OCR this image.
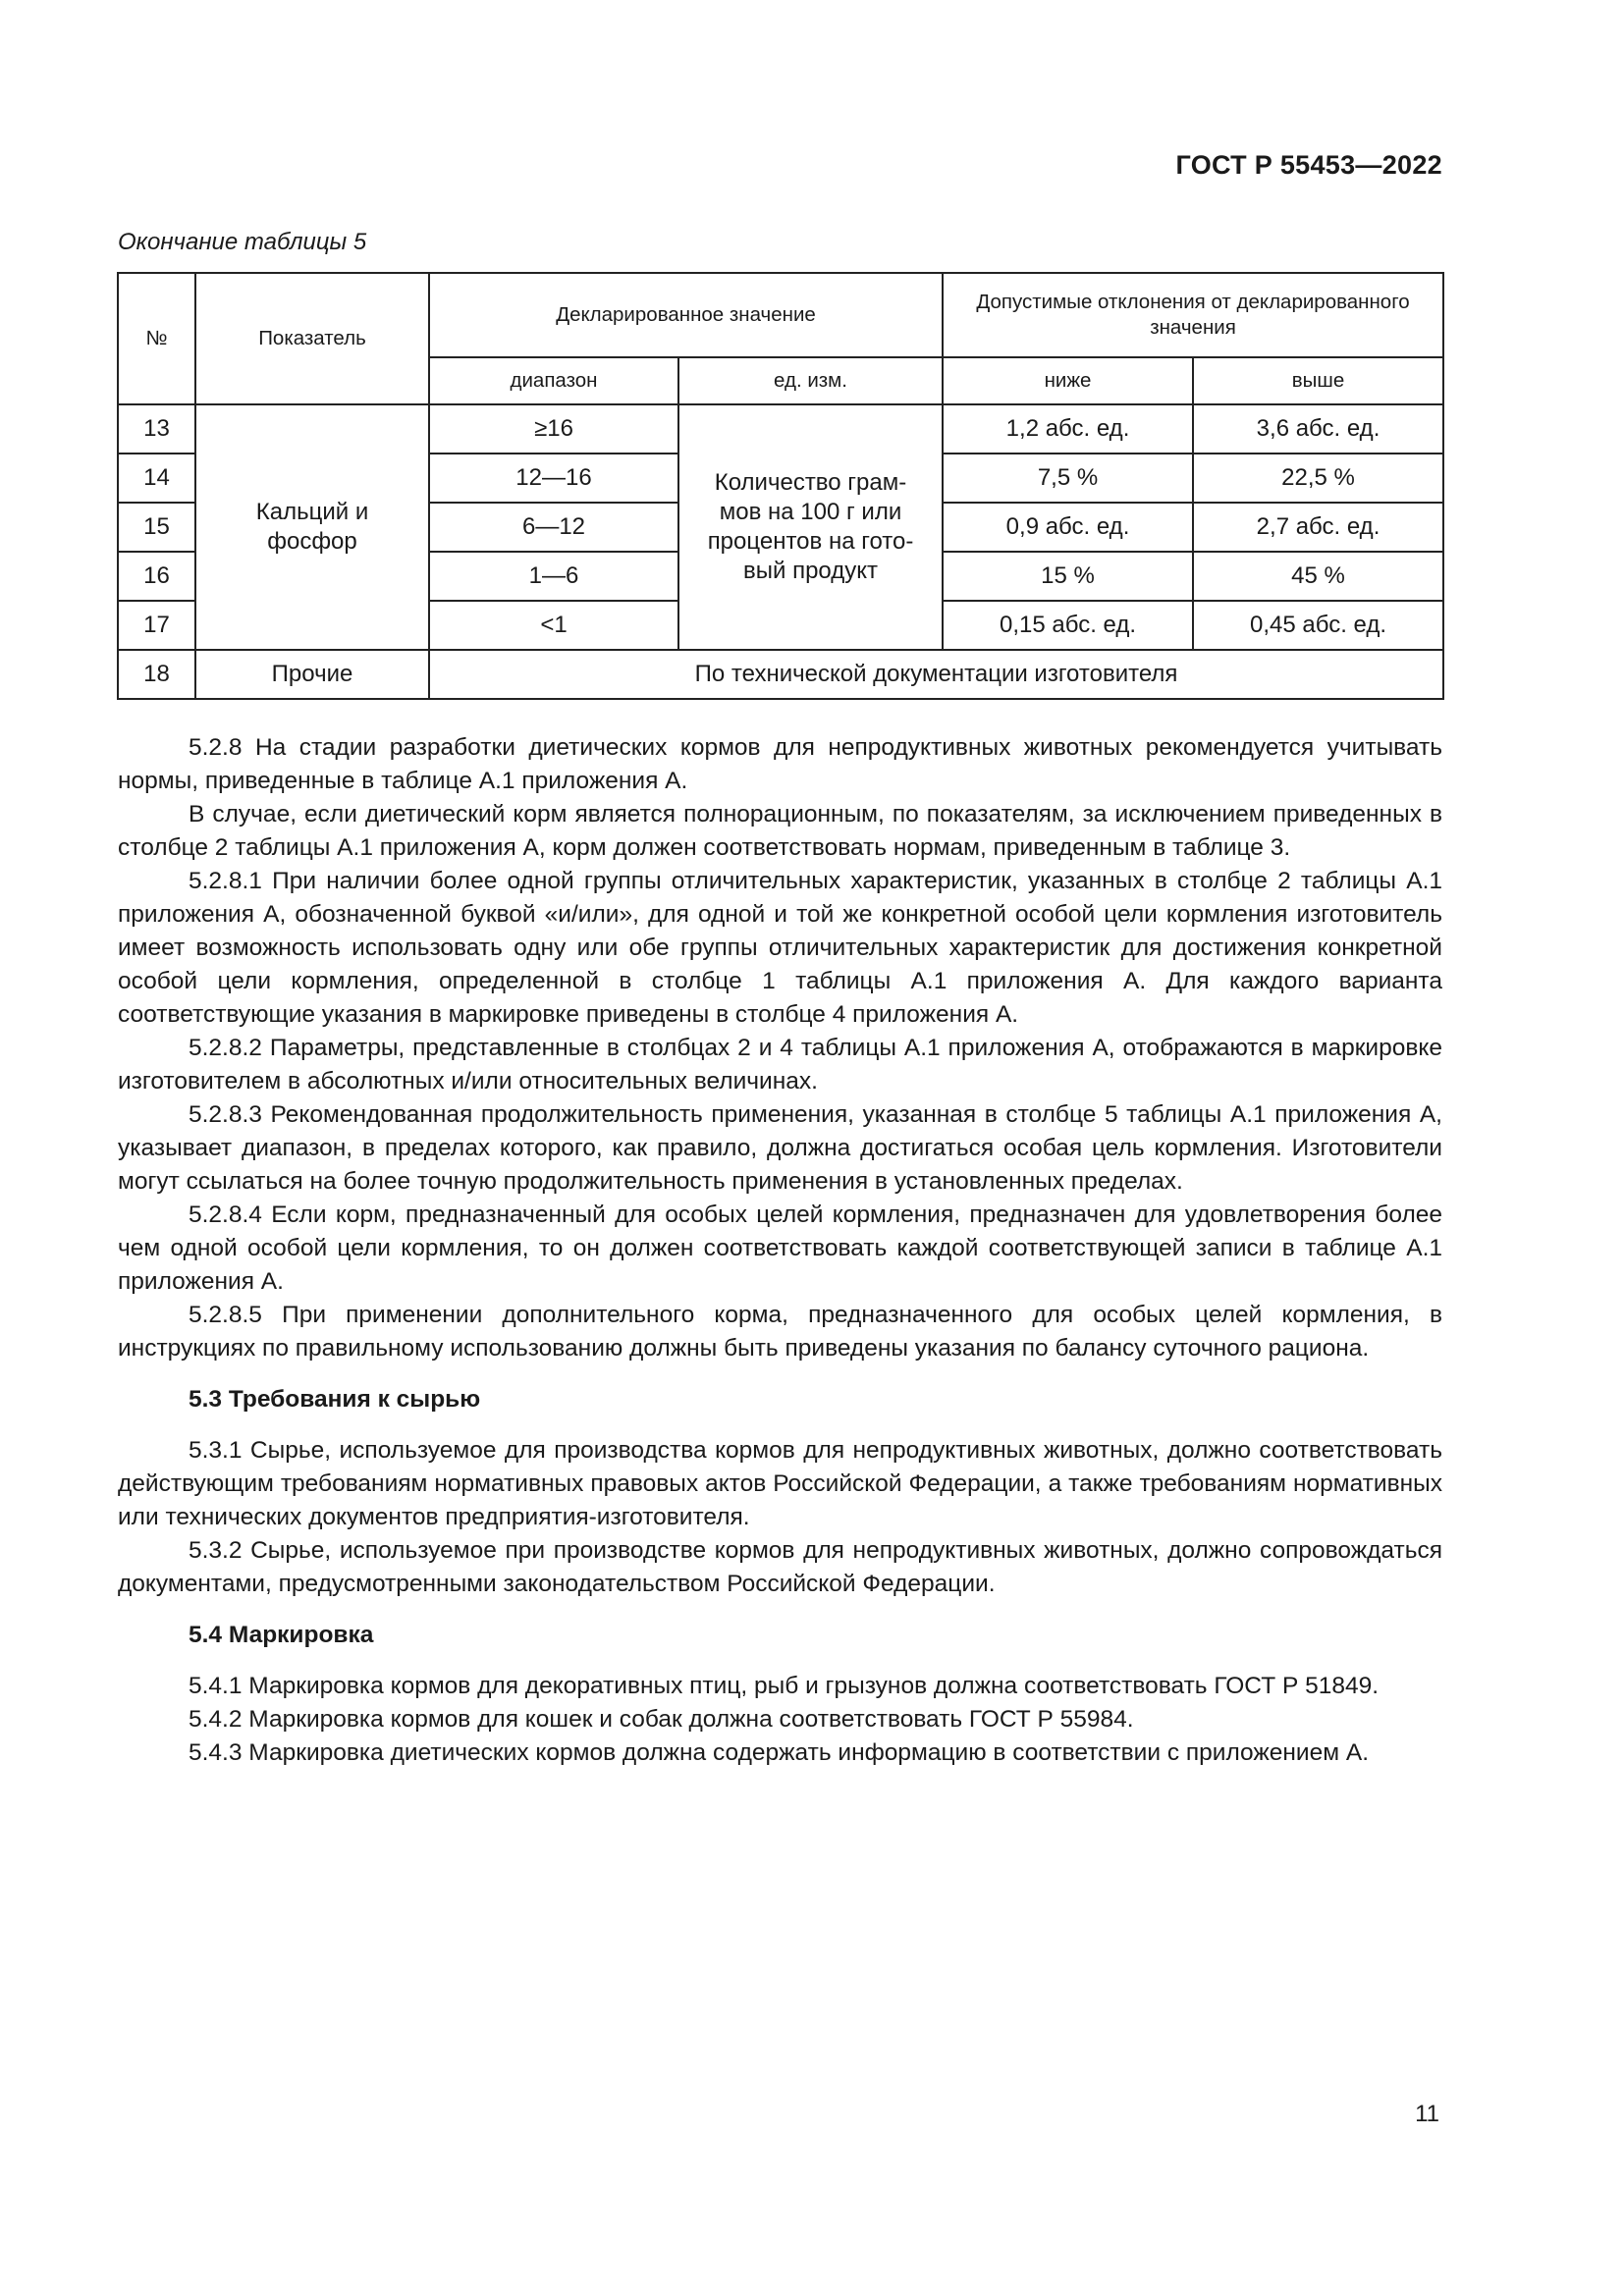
ГОСТ Р 55453—2022
Окончание таблицы 5
№	Показатель	Декларированное значение		Допустимые отклонения от декларированного значения	
		диапазон	ед. изм.	ниже	выше
13	Кальций и фосфор	≥16	Количество грам-мов на 100 г или процентов на гото-вый продукт	1,2 абс. ед.	3,6 абс. ед.
14		12—16		7,5 %	22,5 %
15		6—12		0,9 абс. ед.	2,7 абс. ед.
16		1—6		15 %	45 %
17		<1		0,15 абс. ед.	0,45 абс. ед.
18	Прочие	По технической документации изготовителя			

5.2.8 На стадии разработки диетических кормов для непродуктивных животных рекомендуется учитывать нормы, приведенные в таблице А.1 приложения А.

В случае, если диетический корм является полнорационным, по показателям, за исключением приведенных в столбце 2 таблицы А.1 приложения А, корм должен соответствовать нормам, приведенным в таблице 3.

5.2.8.1 При наличии более одной группы отличительных характеристик, указанных в столбце 2 таблицы А.1 приложения А, обозначенной буквой «и/или», для одной и той же конкретной особой цели кормления изготовитель имеет возможность использовать одну или обе группы отличительных характеристик для достижения конкретной особой цели кормления, определенной в столбце 1 таблицы А.1 приложения А. Для каждого варианта соответствующие указания в маркировке приведены в столбце 4 приложения А.

5.2.8.2 Параметры, представленные в столбцах 2 и 4 таблицы А.1 приложения А, отображаются в маркировке изготовителем в абсолютных и/или относительных величинах.

5.2.8.3 Рекомендованная продолжительность применения, указанная в столбце 5 таблицы А.1 приложения А, указывает диапазон, в пределах которого, как правило, должна достигаться особая цель кормления. Изготовители могут ссылаться на более точную продолжительность применения в установленных пределах.

5.2.8.4 Если корм, предназначенный для особых целей кормления, предназначен для удовлетворения более чем одной особой цели кормления, то он должен соответствовать каждой соответствующей записи в таблице А.1 приложения А.

5.2.8.5 При применении дополнительного корма, предназначенного для особых целей кормления, в инструкциях по правильному использованию должны быть приведены указания по балансу суточного рациона.

5.3 Требования к сырью

5.3.1 Сырье, используемое для производства кормов для непродуктивных животных, должно соответствовать действующим требованиям нормативных правовых актов Российской Федерации, а также требованиям нормативных или технических документов предприятия-изготовителя.

5.3.2 Сырье, используемое при производстве кормов для непродуктивных животных, должно сопровождаться документами, предусмотренными законодательством Российской Федерации.

5.4 Маркировка

5.4.1 Маркировка кормов для декоративных птиц, рыб и грызунов должна соответствовать ГОСТ Р 51849.

5.4.2 Маркировка кормов для кошек и собак должна соответствовать ГОСТ Р 55984.

5.4.3 Маркировка диетических кормов должна содержать информацию в соответствии с приложением А.

11
